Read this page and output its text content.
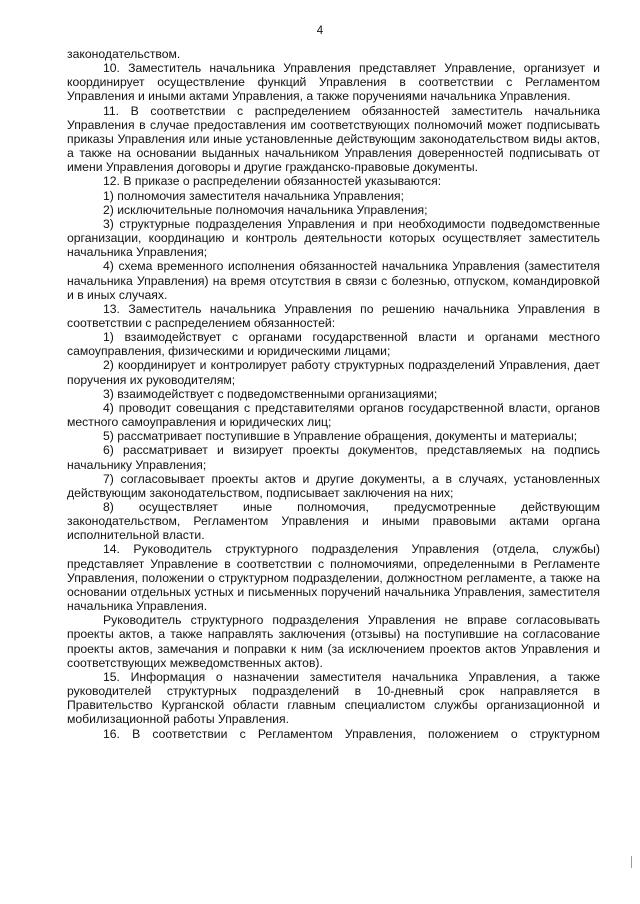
4

законодательством.

10. Заместитель начальника Управления представляет Управление, организует и координирует осуществление функций Управления в соответствии с Регламентом Управления и иными актами Управления, а также поручениями начальника Управления.

11. В соответствии с распределением обязанностей заместитель начальника Управления в случае предоставления им соответствующих полномочий может подписывать приказы Управления или иные установленные действующим законодательством виды актов, а также на основании выданных начальником Управления доверенностей подписывать от имени Управления договоры и другие гражданско-правовые документы.

12. В приказе о распределении обязанностей указываются:

1) полномочия заместителя начальника Управления;

2) исключительные полномочия начальника Управления;

3) структурные подразделения Управления и при необходимости подведомственные организации, координацию и контроль деятельности которых осуществляет заместитель начальника Управления;

4) схема временного исполнения обязанностей начальника Управления (заместителя начальника Управления) на время отсутствия в связи с болезнью, отпуском, командировкой и в иных случаях.

13. Заместитель начальника Управления по решению начальника Управления в соответствии с распределением обязанностей:

1) взаимодействует с органами государственной власти и органами местного самоуправления, физическими и юридическими лицами;

2) координирует и контролирует работу структурных подразделений Управления, дает поручения их руководителям;

3) взаимодействует с подведомственными организациями;

4) проводит совещания с представителями органов государственной власти, органов местного самоуправления и юридических лиц;

5) рассматривает поступившие в Управление обращения, документы и материалы;

6) рассматривает и визирует проекты документов, представляемых на подпись начальнику Управления;

7) согласовывает проекты актов и другие документы, а в случаях, установленных действующим законодательством, подписывает заключения на них;

8) осуществляет иные полномочия, предусмотренные действующим законодательством, Регламентом Управления и иными правовыми актами органа исполнительной власти.

14. Руководитель структурного подразделения Управления (отдела, службы) представляет Управление в соответствии с полномочиями, определенными в Регламенте Управления, положении о структурном подразделении, должностном регламенте, а также на основании отдельных устных и письменных поручений начальника Управления, заместителя начальника Управления.

Руководитель структурного подразделения Управления не вправе согласовывать проекты актов, а также направлять заключения (отзывы) на поступившие на согласование проекты актов, замечания и поправки к ним (за исключением проектов актов Управления и соответствующих межведомственных актов).

15. Информация о назначении заместителя начальника Управления, а также руководителей структурных подразделений в 10-дневный срок направляется в Правительство Курганской области главным специалистом службы организационной и мобилизационной работы Управления.

16. В соответствии с Регламентом Управления, положением о структурном
